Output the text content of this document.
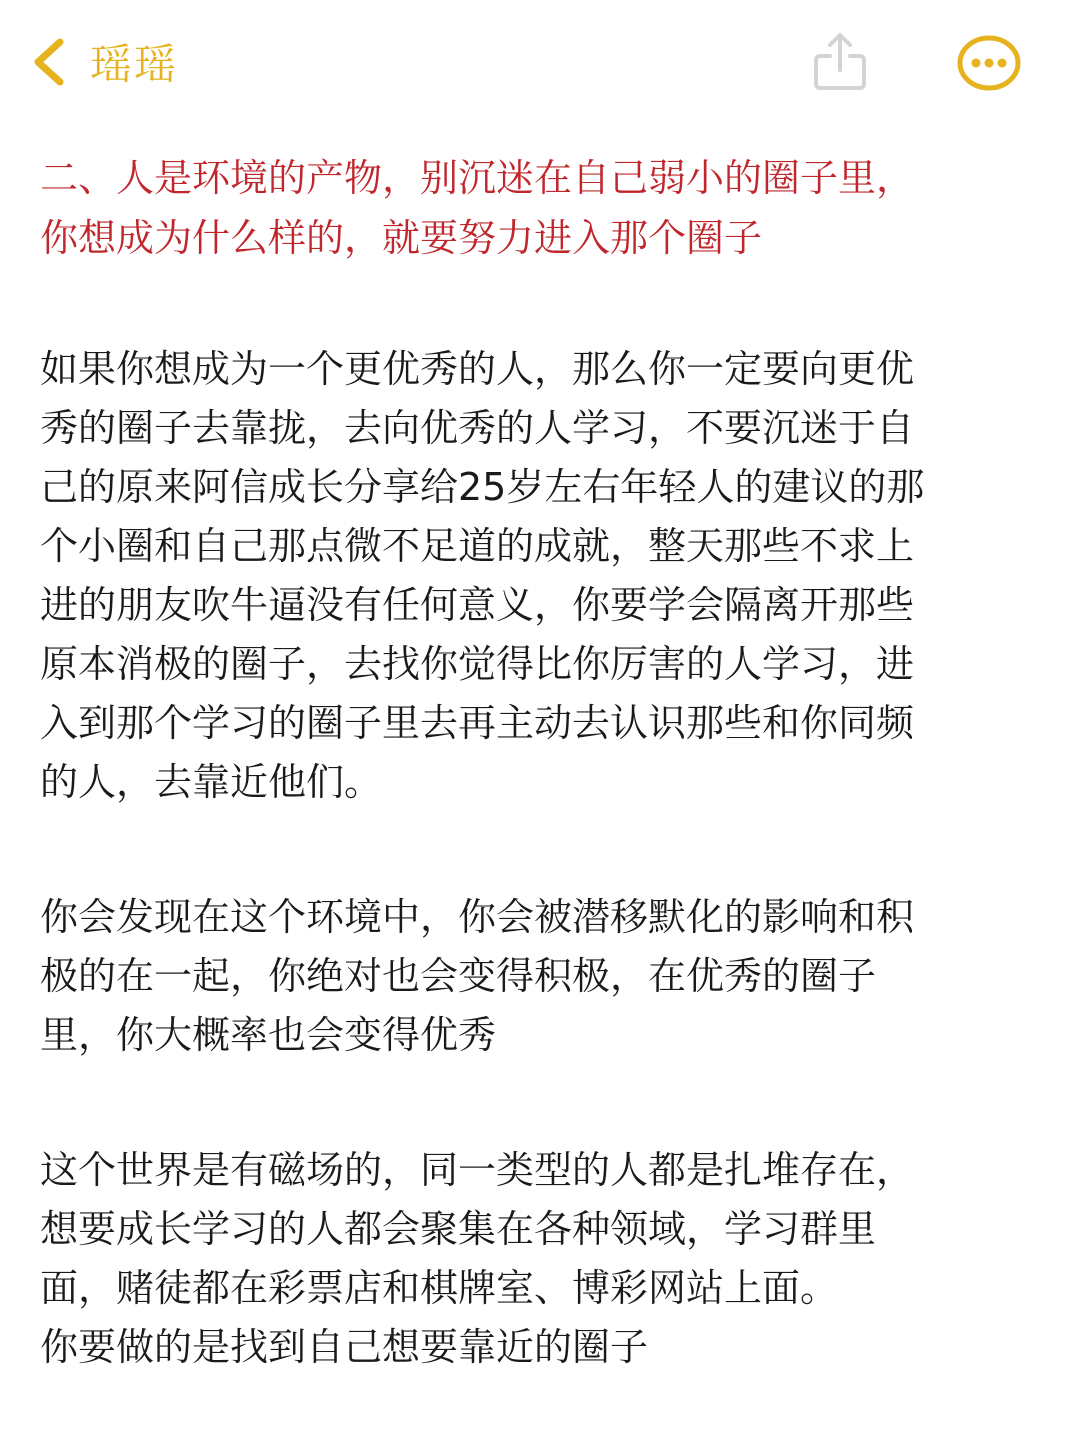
瑶瑶
二、人是环境的产物，别沉迷在自己弱小的圈子里，
你想成为什么样的，就要努力进入那个圈子
如果你想成为一个更优秀的人，那么你一定要向更优
秀的圈子去靠拢，去向优秀的人学习，不要沉迷于自
己的原来阿信成长分享给25岁左右年轻人的建议的那
个小圈和自己那点微不足道的成就，整天那些不求上
进的朋友吹牛逼没有任何意义，你要学会隔离开那些
原本消极的圈子，去找你觉得比你厉害的人学习，进
入到那个学习的圈子里去再主动去认识那些和你同频
的人，去靠近他们。
你会发现在这个环境中，你会被潜移默化的影响和积
极的在一起，你绝对也会变得积极，在优秀的圈子
里，你大概率也会变得优秀
这个世界是有磁场的，同一类型的人都是扎堆存在，
想要成长学习的人都会聚集在各种领域，学习群里
面，赌徒都在彩票店和棋牌室、博彩网站上面。
你要做的是找到自己想要靠近的圈子
